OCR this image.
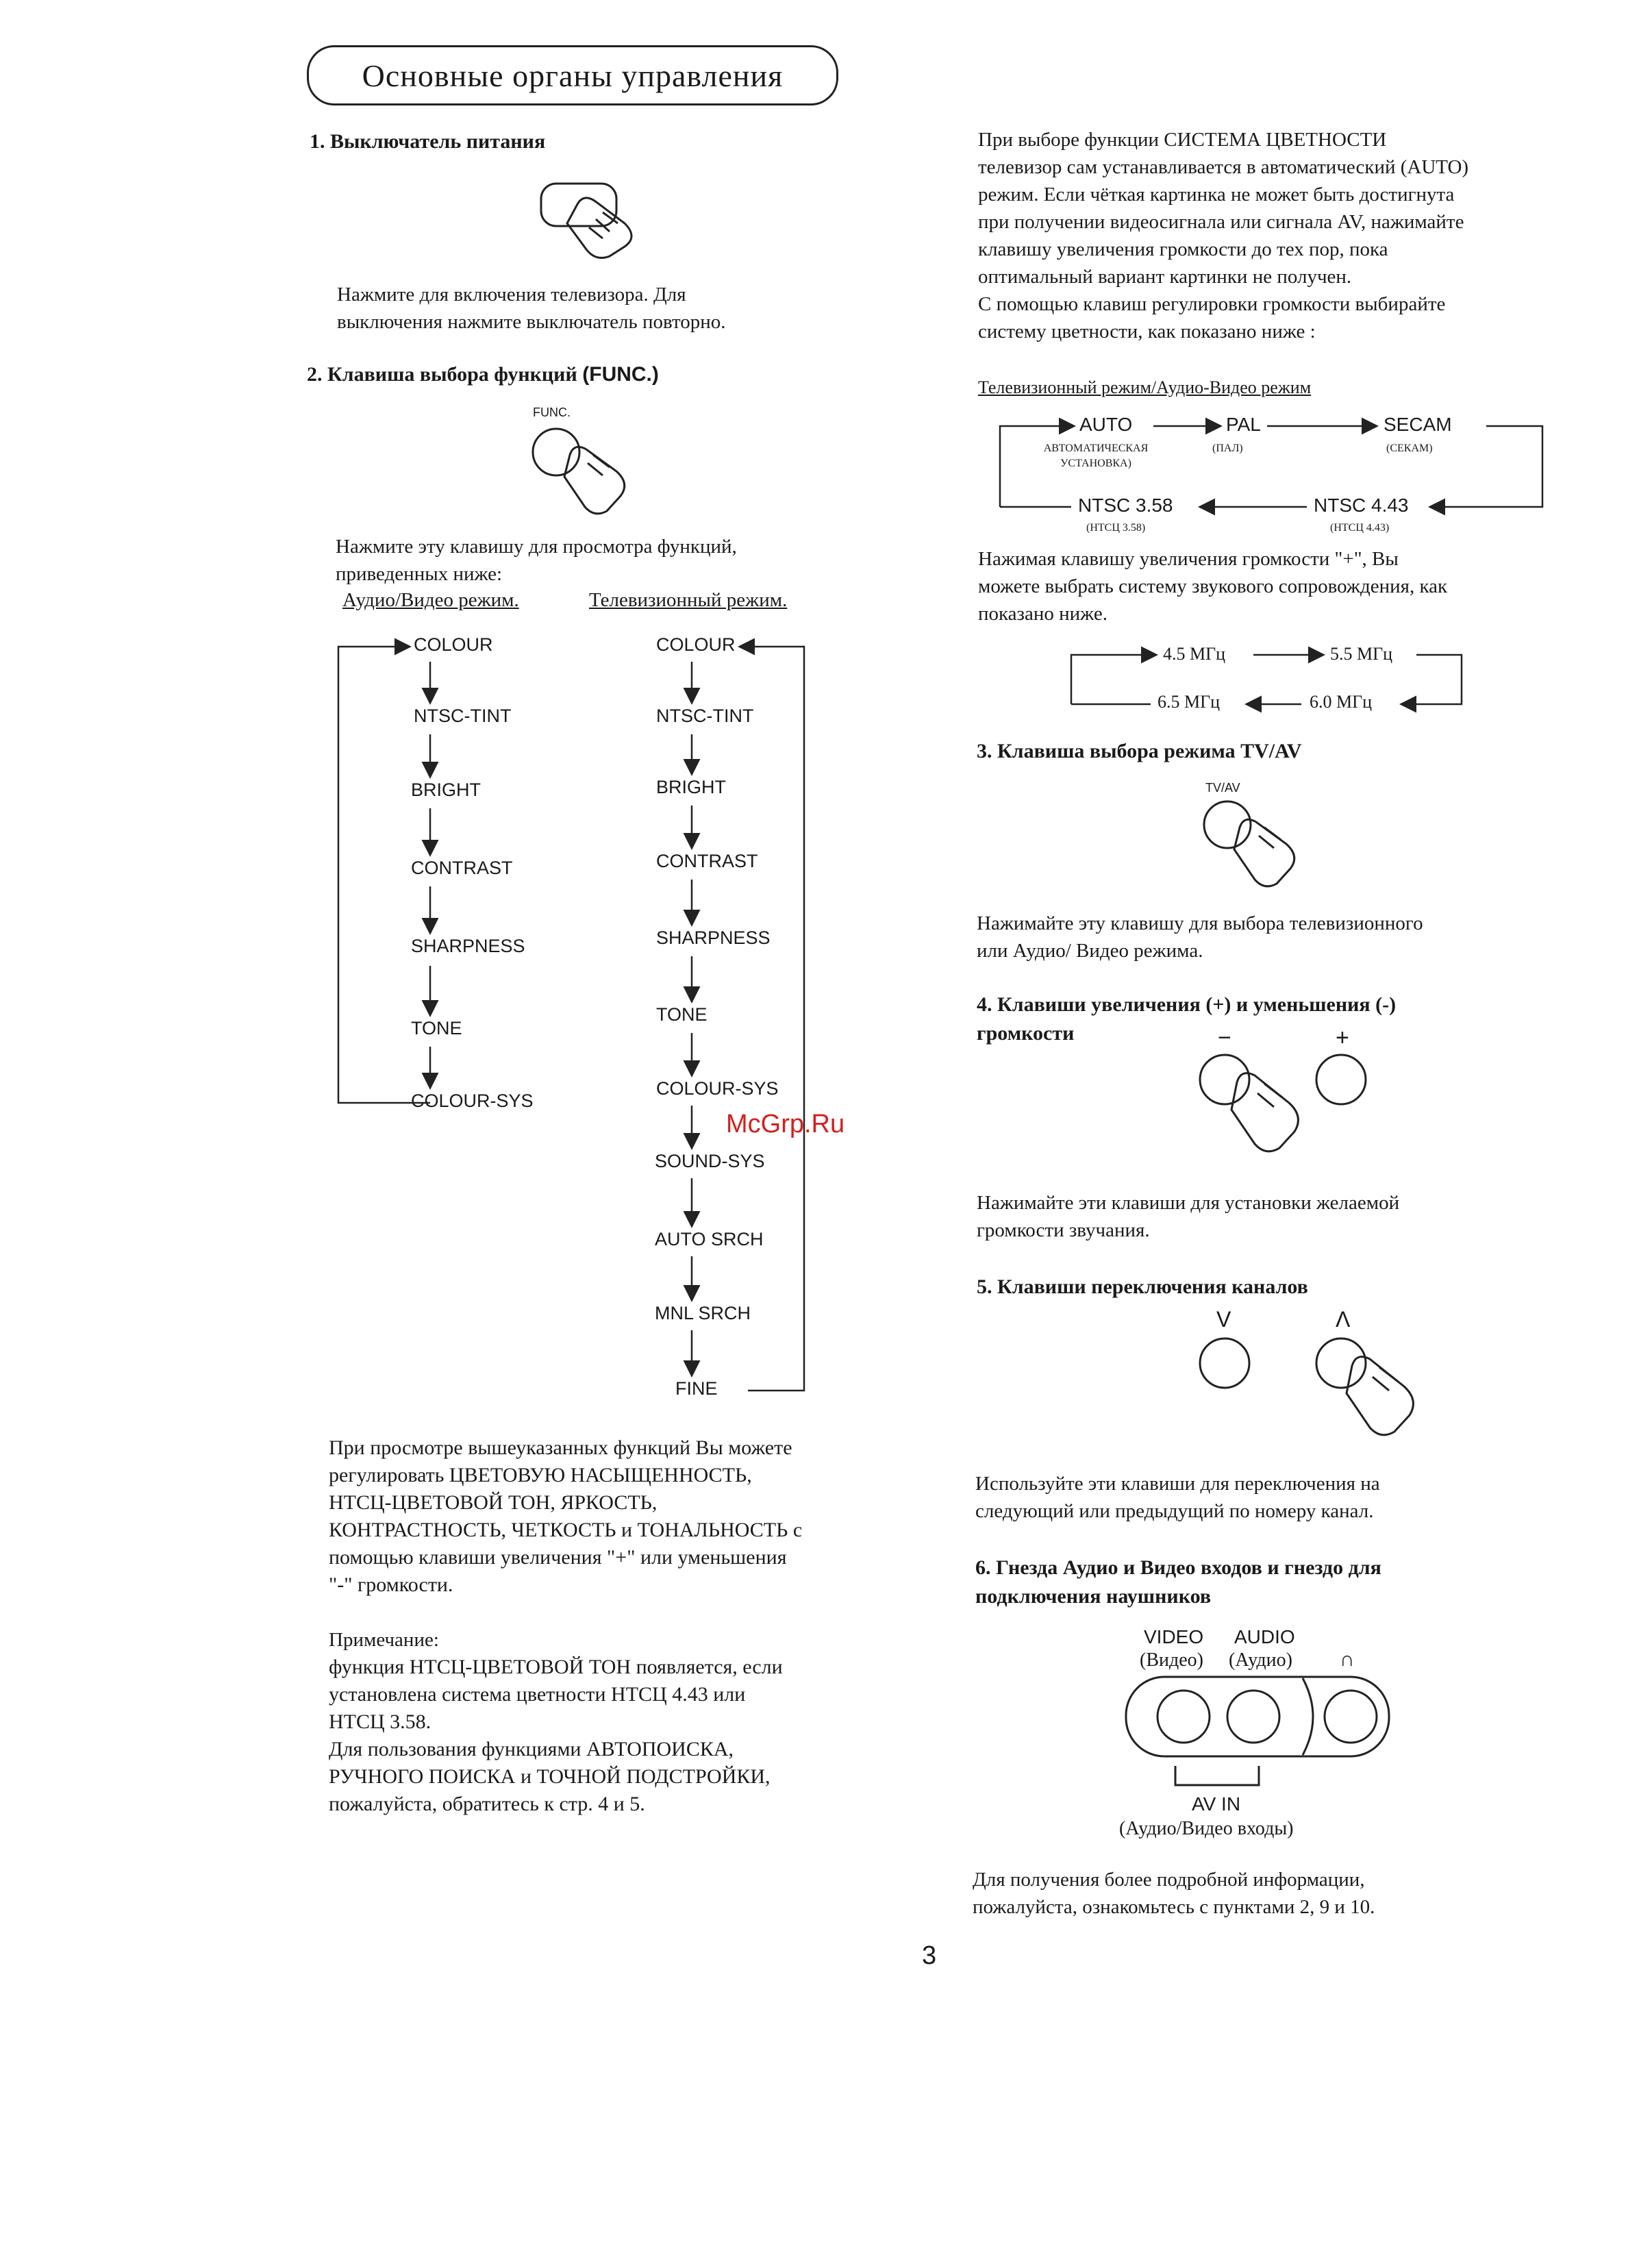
Основные органы управления
1. Выключатель питания
Нажмите для включения телевизора. Для
выключения нажмите выключатель повторно.
2. Клавиша выбора функций (FUNC.)
FUNC.
Нажмите эту клавишу для просмотра функций,
приведенных ниже:
Аудио/Видео режим.	Телевизионный режим.
COLOUR
NTSC-TINT
BRIGHT
CONTRAST
SHARPNESS
TONE
COLOUR-SYS
COLOUR
NTSC-TINT
BRIGHT
CONTRAST
SHARPNESS
TONE
COLOUR-SYS
SOUND-SYS
AUTO SRCH
MNL SRCH
FINE
При просмотре вышеуказанных функций Вы можете
регулировать ЦВЕТОВУЮ НАСЫЩЕННОСТЬ,
НТСЦ-ЦВЕТОВОЙ ТОН, ЯРКОСТЬ,
КОНТРАСТНОСТЬ, ЧЕТКОСТЬ и ТОНАЛЬНОСТЬ с
помощью клавиши увеличения "+" или уменьшения
"-" громкости.
Примечание:
функция НТСЦ-ЦВЕТОВОЙ ТОН появляется, если
установлена система цветности НТСЦ 4.43 или
НТСЦ 3.58.
Для пользования функциями АВТОПОИСКА,
РУЧНОГО ПОИСКА и ТОЧНОЙ ПОДСТРОЙКИ,
пожалуйста, обратитесь к стр. 4 и 5.
При выборе функции СИСТЕМА ЦВЕТНОСТИ
телевизор сам устанавливается в автоматический (AUTO)
режим. Если чёткая картинка не может быть достигнута
при получении видеосигнала или сигнала AV, нажимайте
клавишу увеличения громкости до тех пор, пока
оптимальный вариант картинки не получен.
С помощью клавиш регулировки громкости выбирайте
систему цветности, как показано ниже :
Телевизионный режим/Аудио-Видео режим
AUTO
АВТОМАТИЧЕСКАЯ
УСТАНОВКА)
PAL
(ПАЛ)
SECAM
(СЕКАМ)
NTSC 3.58
(НТСЦ 3.58)
NTSC 4.43
(НТСЦ 4.43)
Нажимая клавишу увеличения громкости "+", Вы
можете выбрать систему звукового сопровождения, как
показано ниже.
4.5 МГц	5.5 МГц
6.0 МГц
6.5 МГц
3. Клавиша выбора режима TV/AV
TV/AV
Нажимайте эту клавишу для выбора телевизионного
или Аудио/ Видео режима.
4. Клавиши увеличения (+) и уменьшения (-)
громкости	−	+
Нажимайте эти клавиши для установки желаемой
громкости звучания.
5. Клавиши переключения каналов
V	Λ
Используйте эти клавиши для переключения на
следующий или предыдущий по номеру канал.
6. Гнезда Аудио и Видео входов и гнездо для
подключения наушников
VIDEO
(Видео)
AUDIO
(Аудио) ∩
AV IN
(Аудио/Видео входы)
Для получения более подробной информации,
пожалуйста, ознакомьтесь с пунктами 2, 9 и 10.
3
McGrp.Ru
